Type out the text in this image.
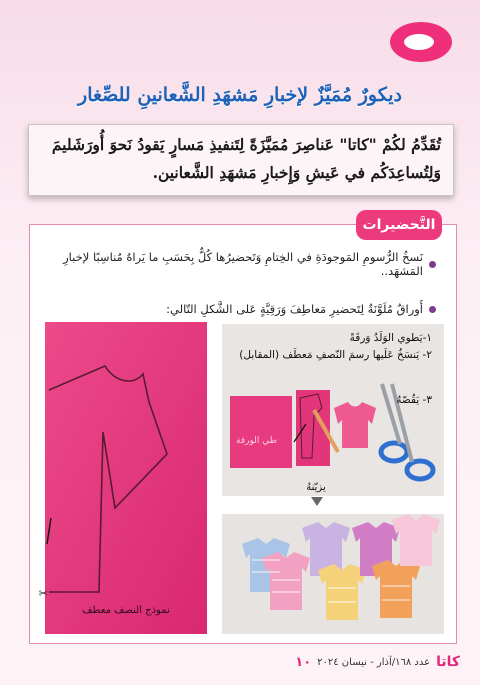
ديكورٌ مُمَيَّزٌ لإخبارِ مَشهَدِ الشَّعانينِ للصِّغار
تُقَدِّمُ لكُمْ "كاتا" عَناصِرَ مُمَيَّزَةً لِتَنفيذِ مَسارٍ يَقودُ نَحوَ أُورَشَليمَ
وَلِتُساعِدَكُم في عَيشِ وَإِخبارِ مَشهَدِ الشَّعانين.
التَّحضيرات
نَسخُ الرُّسومِ المَوجودَةِ في الخِتامِ وَتَحضيرُها كُلٌّ بِحَسَبِ ما يَراهُ مُناسِبًا لإخبارِ المَشهَد..
أَوراقٌ مُلَوَّنَةٌ لِتَحضيرِ مَعاطِفَ وَرَقِيَّةٍ عَلى الشَّكلِ التّالي:
✂
نموذج النصف معطف
١-يَطوي الوَلَدُ وَرقَةً
٢- يَنسَخُ عَلَيها رسمَ النّصفِ مَعطَف (المقابل)
٣- يَقُصّهُ
طي الورقة
يزيّنهُ
كاتا
عدد ١٦٨/آذار - نيسان ٢٠٢٤
١٠
